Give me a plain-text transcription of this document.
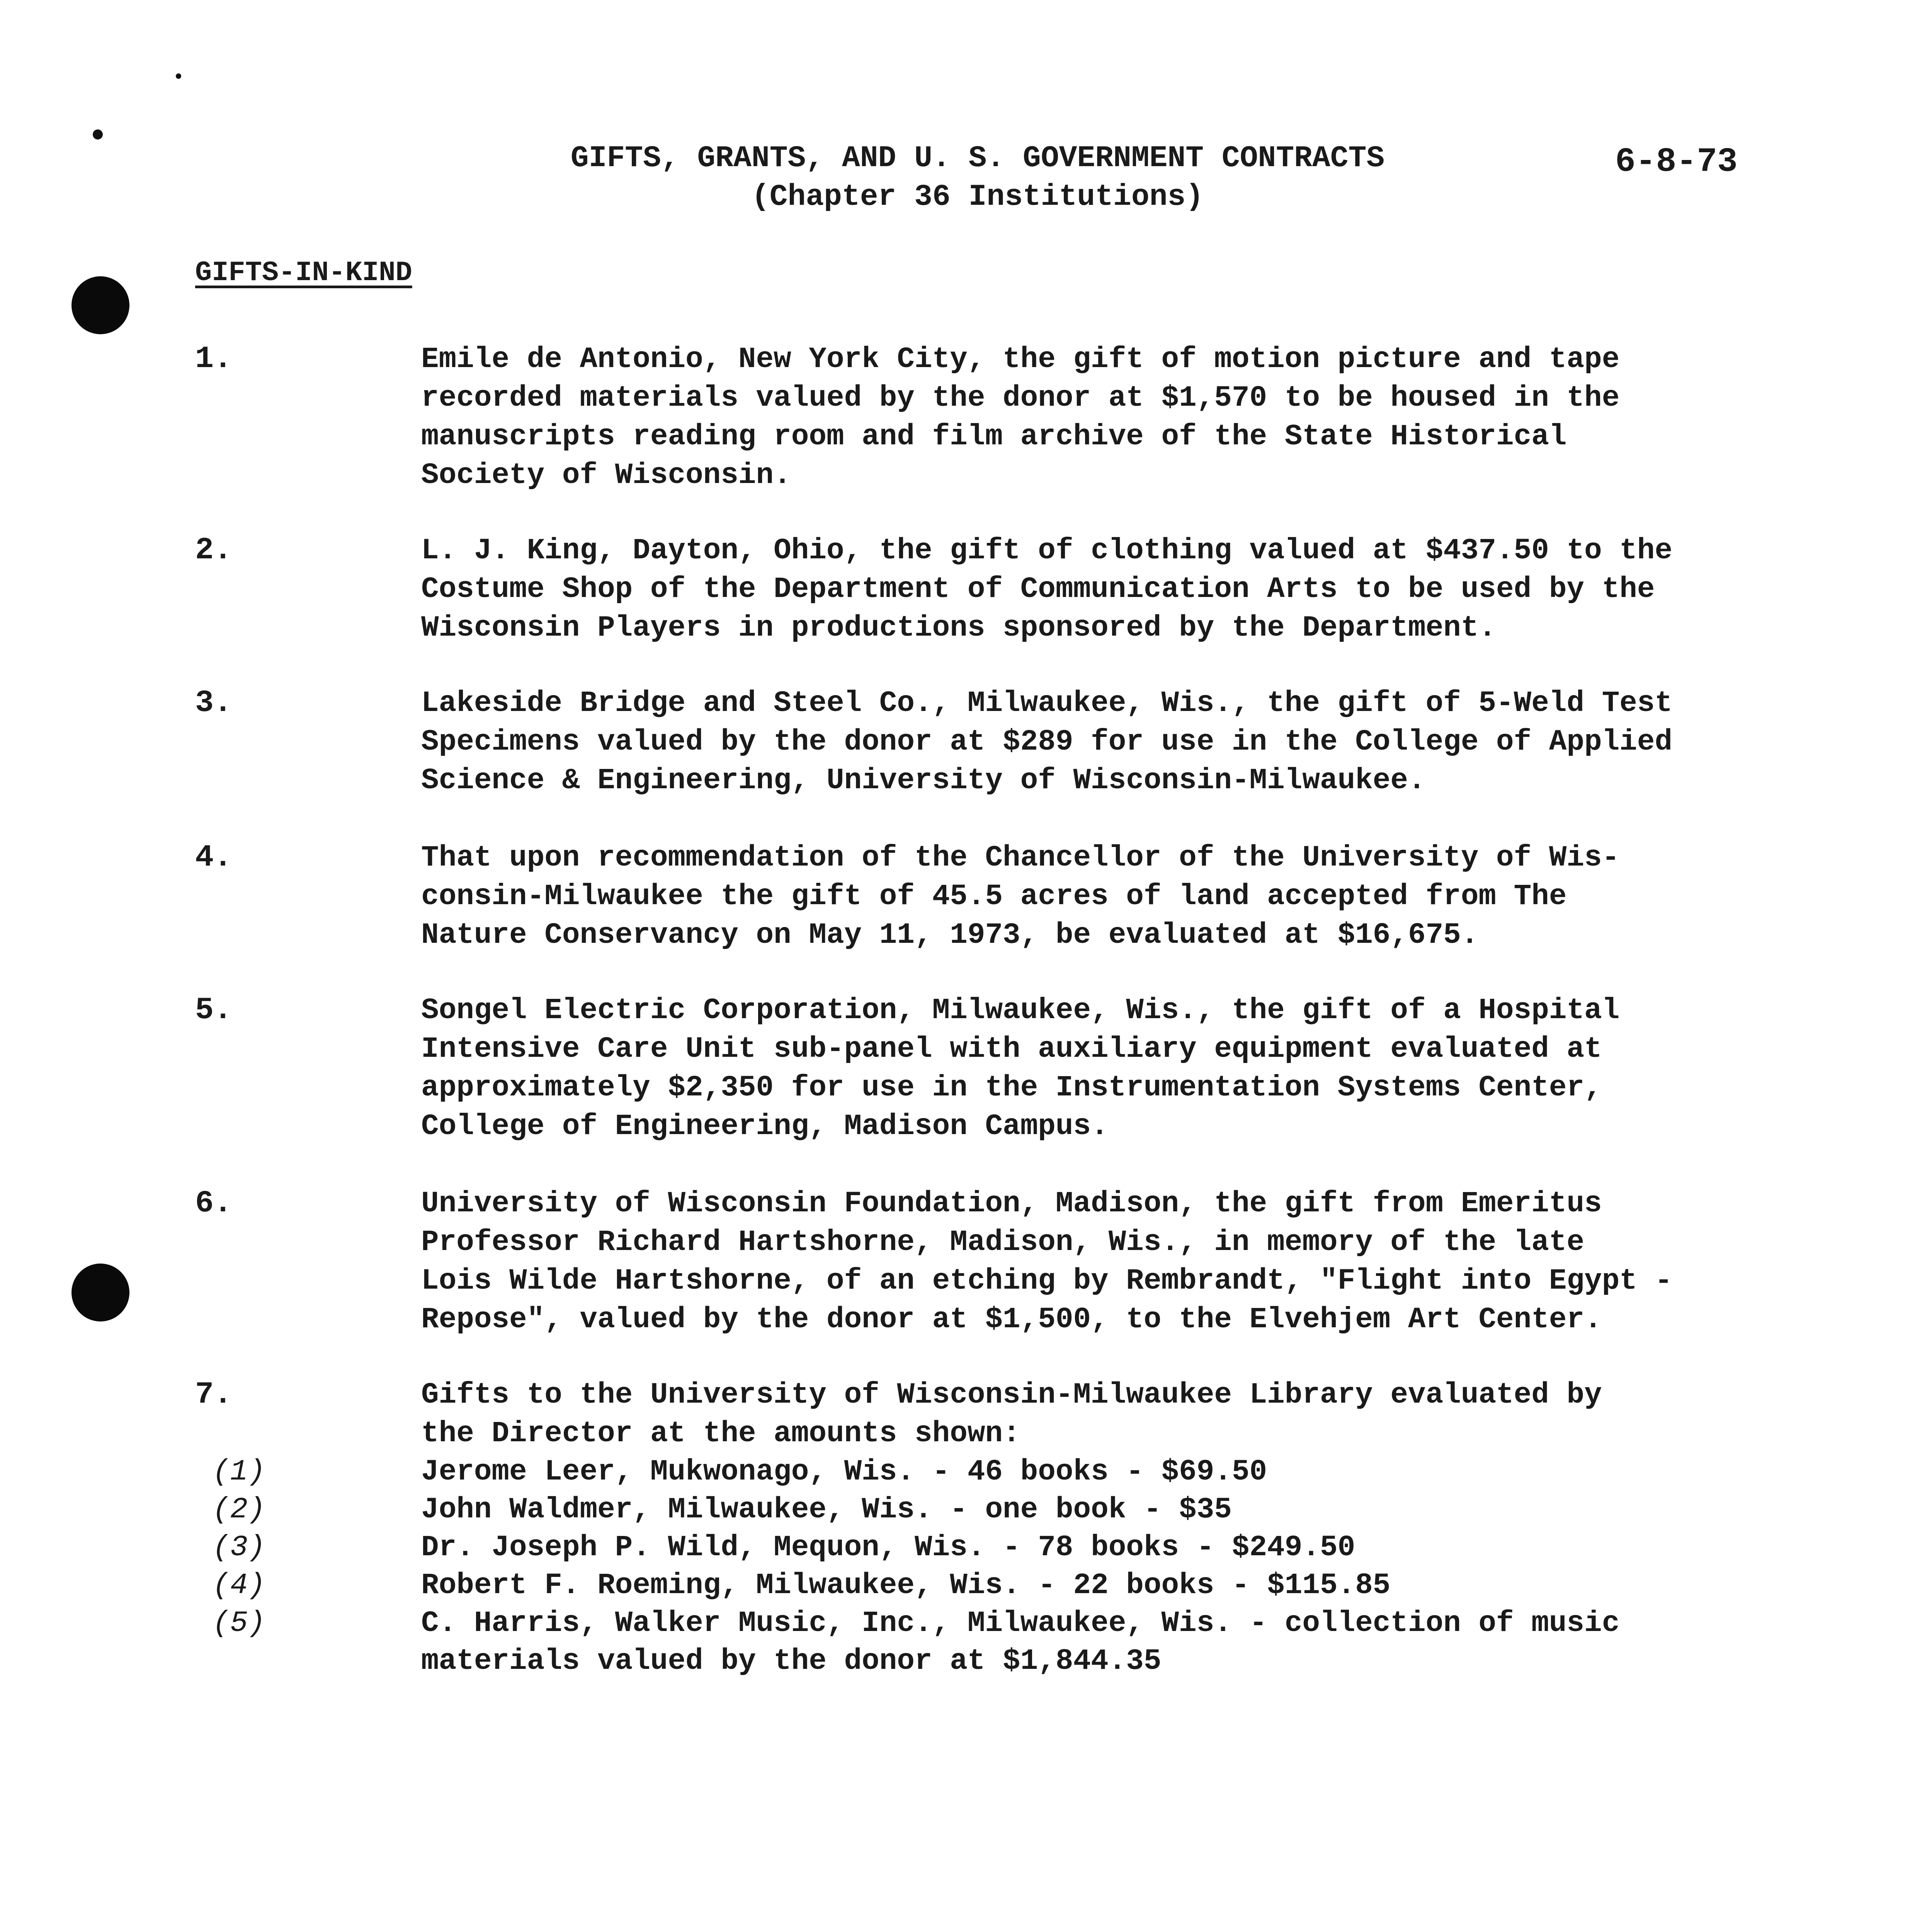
GIFTS, GRANTS, AND U. S. GOVERNMENT CONTRACTS
(Chapter 36 Institutions)
6-8-73
GIFTS-IN-KIND
1.	Emile de Antonio, New York City, the gift of motion picture and tape
recorded materials valued by the donor at $1,570 to be housed in the
manuscripts reading room and film archive of the State Historical
Society of Wisconsin.
2.	L. J. King, Dayton, Ohio, the gift of clothing valued at $437.50 to the
Costume Shop of the Department of Communication Arts to be used by the
Wisconsin Players in productions sponsored by the Department.
3.	Lakeside Bridge and Steel Co., Milwaukee, Wis., the gift of 5-Weld Test
Specimens valued by the donor at $289 for use in the College of Applied
Science & Engineering, University of Wisconsin-Milwaukee.
4.	That upon recommendation of the Chancellor of the University of Wis-
consin-Milwaukee the gift of 45.5 acres of land accepted from The
Nature Conservancy on May 11, 1973, be evaluated at $16,675.
5.	Songel Electric Corporation, Milwaukee, Wis., the gift of a Hospital
Intensive Care Unit sub-panel with auxiliary equipment evaluated at
approximately $2,350 for use in the Instrumentation Systems Center,
College of Engineering, Madison Campus.
6.	University of Wisconsin Foundation, Madison, the gift from Emeritus
Professor Richard Hartshorne, Madison, Wis., in memory of the late
Lois Wilde Hartshorne, of an etching by Rembrandt, "Flight into Egypt -
Repose", valued by the donor at $1,500, to the Elvehjem Art Center.
7.	Gifts to the University of Wisconsin-Milwaukee Library evaluated by
the Director at the amounts shown:
(1)	Jerome Leer, Mukwonago, Wis. - 46 books - $69.50
(2)	John Waldmer, Milwaukee, Wis. - one book - $35
(3)	Dr. Joseph P. Wild, Mequon, Wis. - 78 books - $249.50
(4)	Robert F. Roeming, Milwaukee, Wis. - 22 books - $115.85
(5)	C. Harris, Walker Music, Inc., Milwaukee, Wis. - collection of music
materials valued by the donor at $1,844.35
